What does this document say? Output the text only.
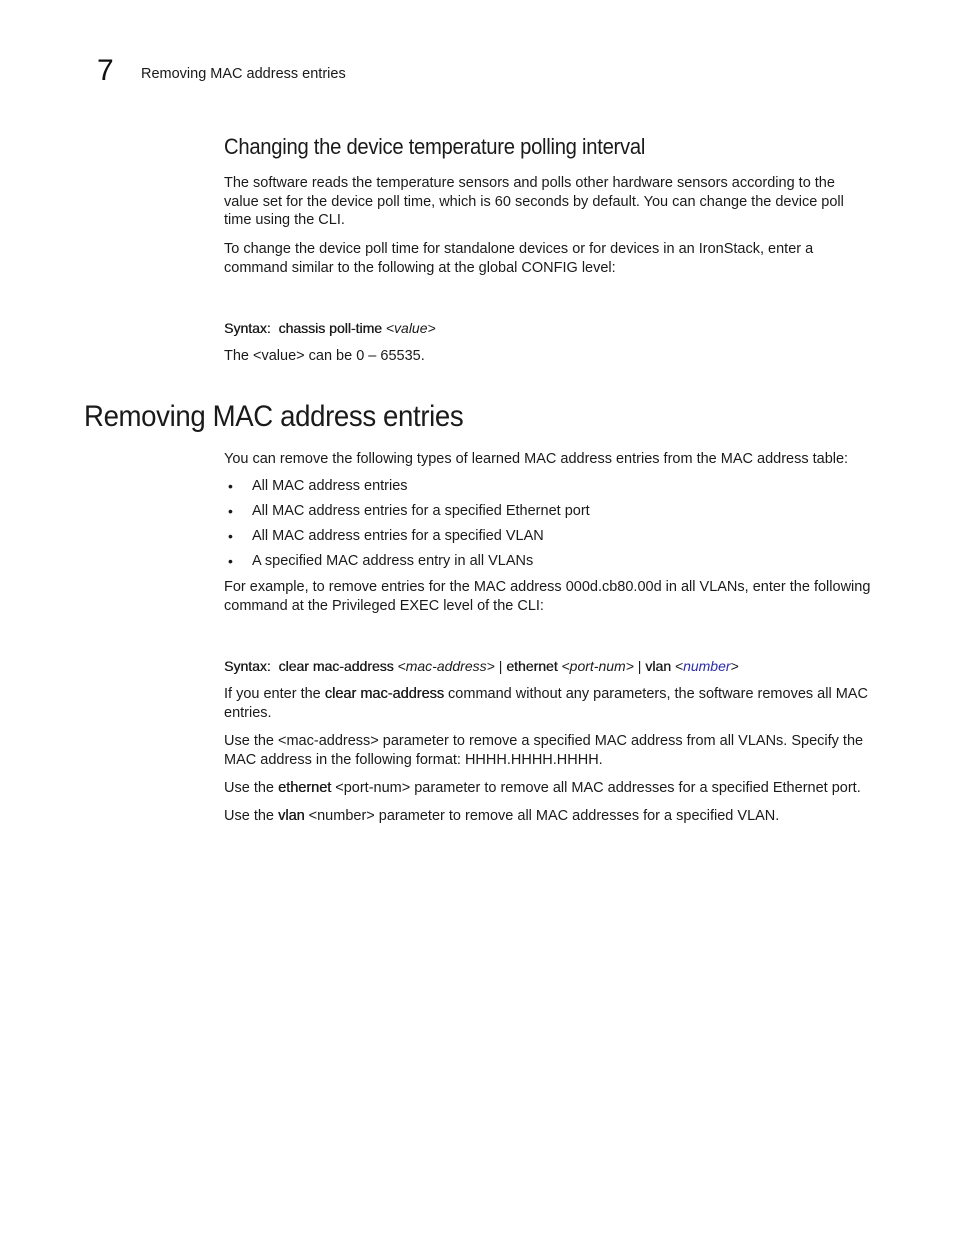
7 Removing MAC address entries
Changing the device temperature polling interval

The software reads the temperature sensors and polls other hardware sensors according to the value set for the device poll time, which is 60 seconds by default. You can change the device poll time using the CLI.

To change the device poll time for standalone devices or for devices in an IronStack, enter a command similar to the following at the global CONFIG level:

Syntax: chassis poll-time <value>

The <value> can be 0 – 65535.

Removing MAC address entries

You can remove the following types of learned MAC address entries from the MAC address table:

• All MAC address entries
• All MAC address entries for a specified Ethernet port
• All MAC address entries for a specified VLAN
• A specified MAC address entry in all VLANs

For example, to remove entries for the MAC address 000d.cb80.00d in all VLANs, enter the following command at the Privileged EXEC level of the CLI:

Syntax: clear mac-address <mac-address> | ethernet <port-num> | vlan <number>

If you enter the clear mac-address command without any parameters, the software removes all MAC entries.

Use the <mac-address> parameter to remove a specified MAC address from all VLANs. Specify the MAC address in the following format: HHHH.HHHH.HHHH.

Use the ethernet <port-num> parameter to remove all MAC addresses for a specified Ethernet port.

Use the vlan <number> parameter to remove all MAC addresses for a specified VLAN.
